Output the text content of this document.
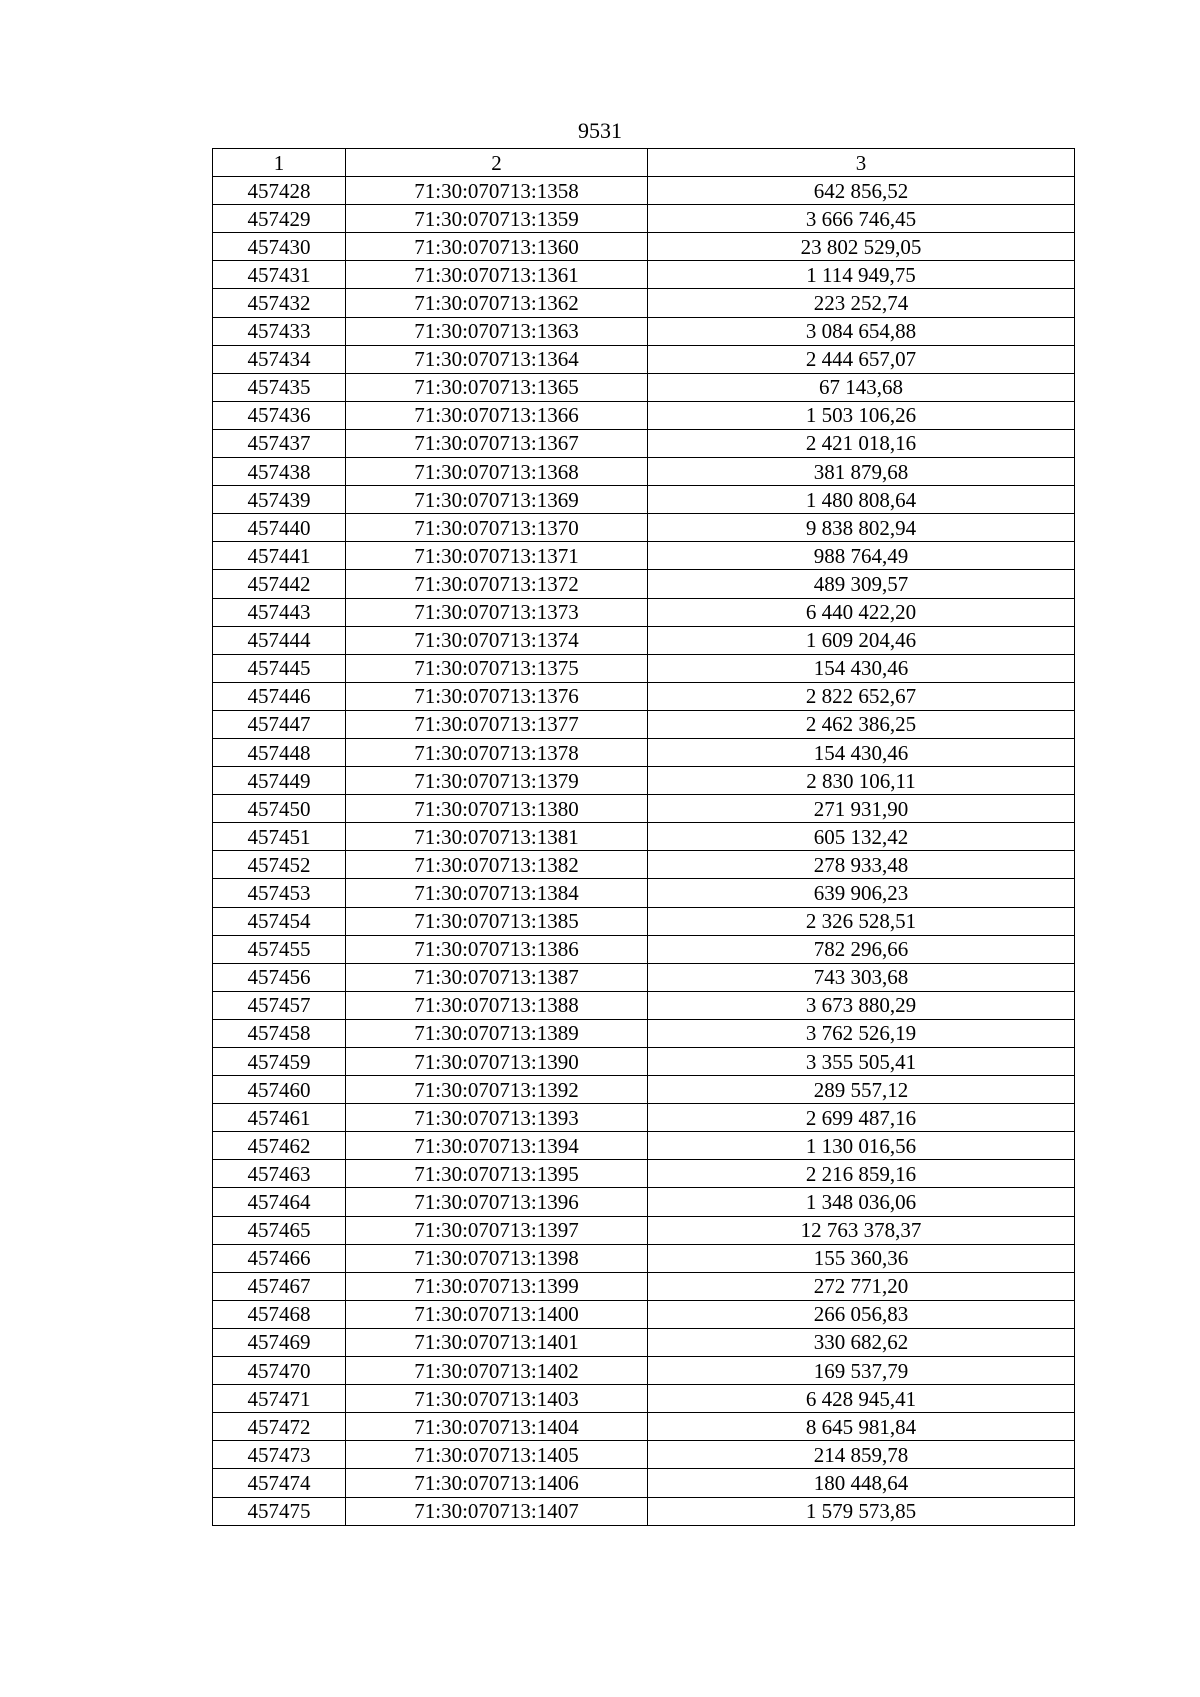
9531
1	2	3
457428	71:30:070713:1358	642 856,52
457429	71:30:070713:1359	3 666 746,45
457430	71:30:070713:1360	23 802 529,05
457431	71:30:070713:1361	1 114 949,75
457432	71:30:070713:1362	223 252,74
457433	71:30:070713:1363	3 084 654,88
457434	71:30:070713:1364	2 444 657,07
457435	71:30:070713:1365	67 143,68
457436	71:30:070713:1366	1 503 106,26
457437	71:30:070713:1367	2 421 018,16
457438	71:30:070713:1368	381 879,68
457439	71:30:070713:1369	1 480 808,64
457440	71:30:070713:1370	9 838 802,94
457441	71:30:070713:1371	988 764,49
457442	71:30:070713:1372	489 309,57
457443	71:30:070713:1373	6 440 422,20
457444	71:30:070713:1374	1 609 204,46
457445	71:30:070713:1375	154 430,46
457446	71:30:070713:1376	2 822 652,67
457447	71:30:070713:1377	2 462 386,25
457448	71:30:070713:1378	154 430,46
457449	71:30:070713:1379	2 830 106,11
457450	71:30:070713:1380	271 931,90
457451	71:30:070713:1381	605 132,42
457452	71:30:070713:1382	278 933,48
457453	71:30:070713:1384	639 906,23
457454	71:30:070713:1385	2 326 528,51
457455	71:30:070713:1386	782 296,66
457456	71:30:070713:1387	743 303,68
457457	71:30:070713:1388	3 673 880,29
457458	71:30:070713:1389	3 762 526,19
457459	71:30:070713:1390	3 355 505,41
457460	71:30:070713:1392	289 557,12
457461	71:30:070713:1393	2 699 487,16
457462	71:30:070713:1394	1 130 016,56
457463	71:30:070713:1395	2 216 859,16
457464	71:30:070713:1396	1 348 036,06
457465	71:30:070713:1397	12 763 378,37
457466	71:30:070713:1398	155 360,36
457467	71:30:070713:1399	272 771,20
457468	71:30:070713:1400	266 056,83
457469	71:30:070713:1401	330 682,62
457470	71:30:070713:1402	169 537,79
457471	71:30:070713:1403	6 428 945,41
457472	71:30:070713:1404	8 645 981,84
457473	71:30:070713:1405	214 859,78
457474	71:30:070713:1406	180 448,64
457475	71:30:070713:1407	1 579 573,85
